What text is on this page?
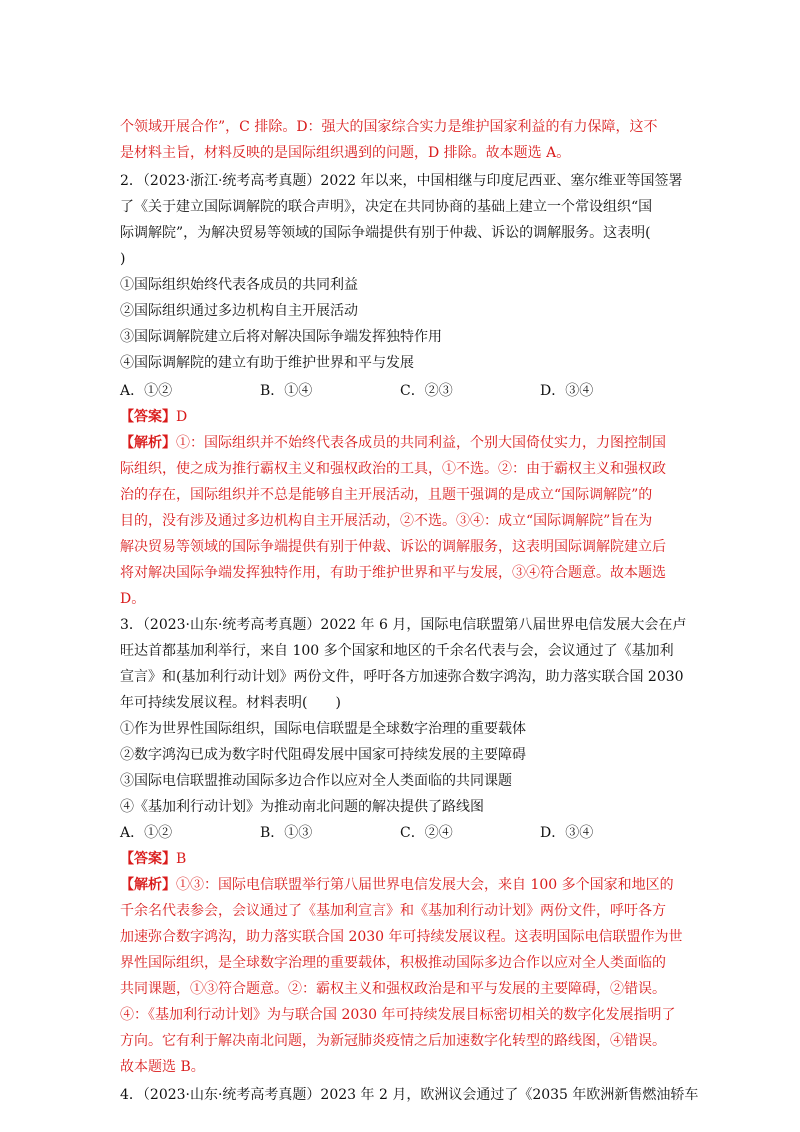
个领域开展合作”，C 排除。D：强大的国家综合实力是维护国家利益的有力保障，这不
是材料主旨，材料反映的是国际组织遇到的问题，D 排除。故本题选 A。
2．（2023·浙江·统考高考真题）2022 年以来，中国相继与印度尼西亚、塞尔维亚等国签署
了《关于建立国际调解院的联合声明》，决定在共同协商的基础上建立一个常设组织“国
际调解院”，为解决贸易等领域的国际争端提供有别于仲裁、诉讼的调解服务。这表明(
)
①国际组织始终代表各成员的共同利益
②国际组织通过多边机构自主开展活动
③国际调解院建立后将对解决国际争端发挥独特作用
④国际调解院的建立有助于维护世界和平与发展
A．①②	B．①④	C．②③	D．③④
【答案】D
【解析】①：国际组织并不始终代表各成员的共同利益，个别大国倚仗实力，力图控制国
际组织，使之成为推行霸权主义和强权政治的工具，①不选。②：由于霸权主义和强权政
治的存在，国际组织并不总是能够自主开展活动，且题干强调的是成立“国际调解院”的
目的，没有涉及通过多边机构自主开展活动，②不选。③④：成立“国际调解院”旨在为
解决贸易等领域的国际争端提供有别于仲裁、诉讼的调解服务，这表明国际调解院建立后
将对解决国际争端发挥独特作用，有助于维护世界和平与发展，③④符合题意。故本题选
D。
3．（2023·山东·统考高考真题）2022 年 6 月，国际电信联盟第八届世界电信发展大会在卢
旺达首都基加利举行，来自 100 多个国家和地区的千余名代表与会，会议通过了《基加利
宣言》和(基加利行动计划》两份文件，呼吁各方加速弥合数字鸿沟，助力落实联合国 2030
年可持续发展议程。材料表明(　　)
①作为世界性国际组织，国际电信联盟是全球数字治理的重要载体
②数字鸿沟已成为数字时代阻碍发展中国家可持续发展的主要障碍
③国际电信联盟推动国际多边合作以应对全人类面临的共同课题
④《基加利行动计划》为推动南北问题的解决提供了路线图
A．①②	B．①③	C．②④	D．③④
【答案】B
【解析】①③：国际电信联盟举行第八届世界电信发展大会，来自 100 多个国家和地区的
千余名代表参会，会议通过了《基加利宣言》和《基加利行动计划》两份文件，呼吁各方
加速弥合数字鸿沟，助力落实联合国 2030 年可持续发展议程。这表明国际电信联盟作为世
界性国际组织，是全球数字治理的重要载体，积极推动国际多边合作以应对全人类面临的
共同课题，①③符合题意。②：霸权主义和强权政治是和平与发展的主要障碍，②错误。
④：《基加利行动计划》为与联合国 2030 年可持续发展目标密切相关的数字化发展指明了
方向。它有利于解决南北问题，为新冠肺炎疫情之后加速数字化转型的路线图，④错误。
故本题选 B。
4．（2023·山东·统考高考真题）2023 年 2 月，欧洲议会通过了《2035 年欧洲新售燃油轿车
